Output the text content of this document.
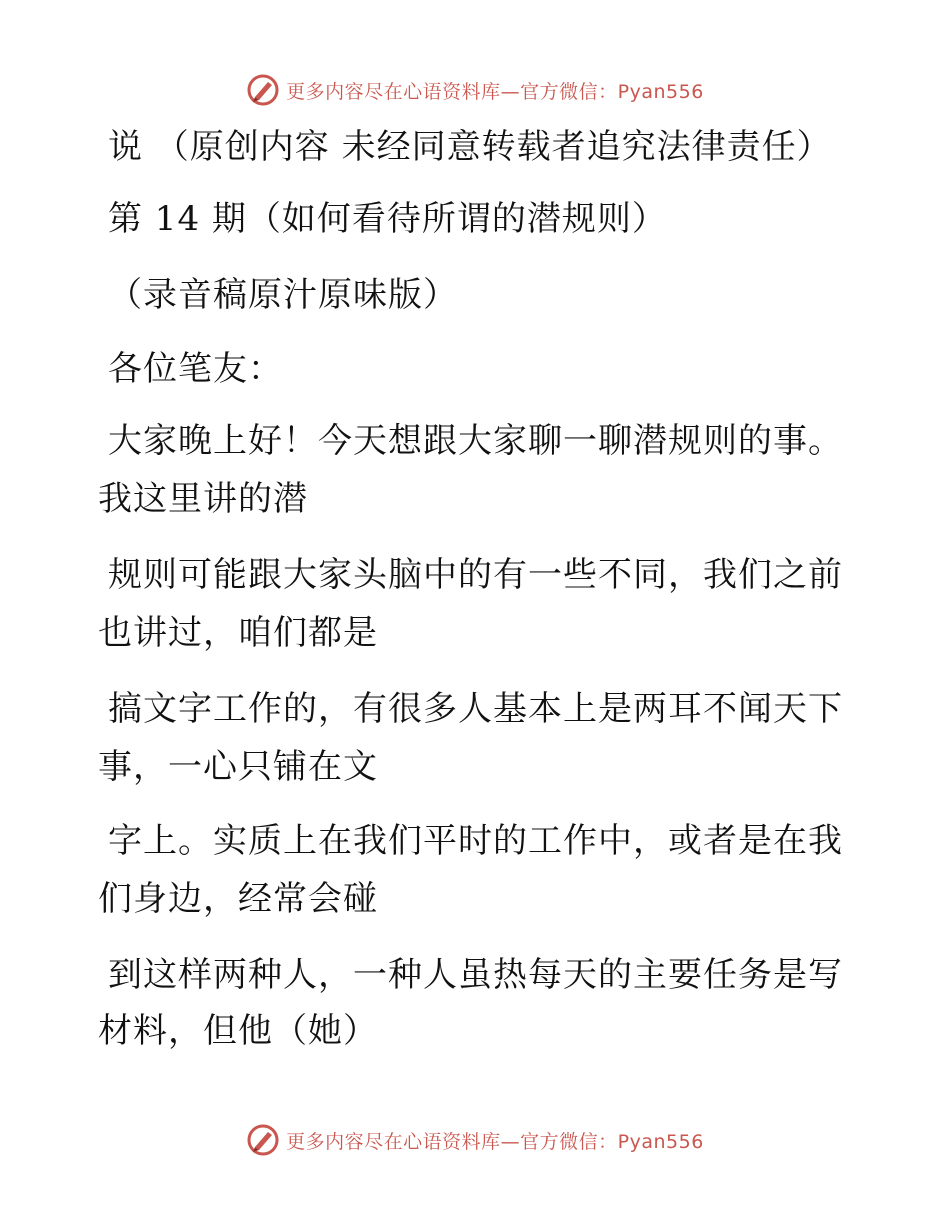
更多内容尽在心语资料库—官方微信：Pyan556
说 （原创内容 未经同意转载者追究法律责任）
第 14 期（如何看待所谓的潜规则）
（录音稿原汁原味版）
各位笔友：
大家晚上好！今天想跟大家聊一聊潜规则的事。
我这里讲的潜
规则可能跟大家头脑中的有一些不同，我们之前
也讲过，咱们都是
搞文字工作的，有很多人基本上是两耳不闻天下
事，一心只铺在文
字上。实质上在我们平时的工作中，或者是在我
们身边，经常会碰
到这样两种人，一种人虽热每天的主要任务是写
材料，但他（她）
更多内容尽在心语资料库—官方微信：Pyan556
